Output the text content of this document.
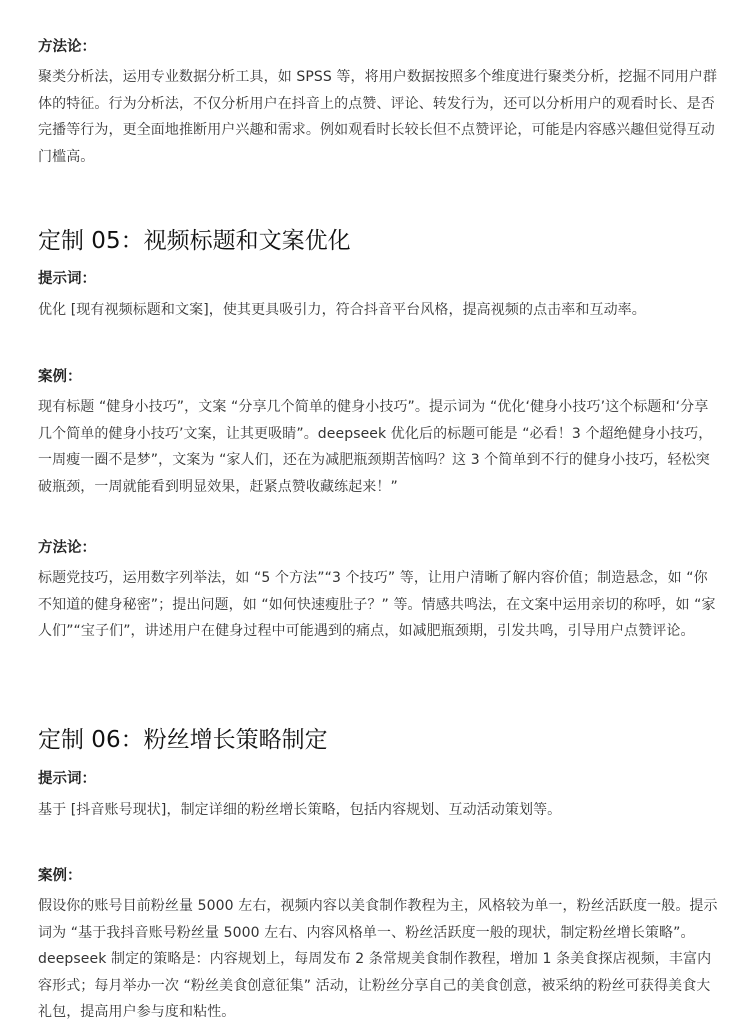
方法论：

聚类分析法，运用专业数据分析工具，如 SPSS 等，将用户数据按照多个维度进行聚类分析，挖掘不同用户群体的特征。行为分析法，不仅分析用户在抖音上的点赞、评论、转发行为，还可以分析用户的观看时长、是否完播等行为，更全面地推断用户兴趣和需求。例如观看时长较长但不点赞评论，可能是内容感兴趣但觉得互动门槛高。

定制 05：视频标题和文案优化

提示词：

优化 [现有视频标题和文案]，使其更具吸引力，符合抖音平台风格，提高视频的点击率和互动率。

案例：

现有标题 “健身小技巧”，文案 “分享几个简单的健身小技巧”。提示词为 “优化‘健身小技巧’这个标题和‘分享几个简单的健身小技巧’文案，让其更吸睛”。deepseek 优化后的标题可能是 “必看！3 个超绝健身小技巧，一周瘦一圈不是梦”，文案为 “家人们，还在为减肥瓶颈期苦恼吗？这 3 个简单到不行的健身小技巧，轻松突破瓶颈，一周就能看到明显效果，赶紧点赞收藏练起来！”

方法论：

标题党技巧，运用数字列举法，如 “5 个方法”“3 个技巧” 等，让用户清晰了解内容价值；制造悬念，如 “你不知道的健身秘密”；提出问题，如 “如何快速瘦肚子？” 等。情感共鸣法，在文案中运用亲切的称呼，如 “家人们”“宝子们”，讲述用户在健身过程中可能遇到的痛点，如减肥瓶颈期，引发共鸣，引导用户点赞评论。

定制 06：粉丝增长策略制定

提示词：

基于 [抖音账号现状]，制定详细的粉丝增长策略，包括内容规划、互动活动策划等。

案例：

假设你的账号目前粉丝量 5000 左右，视频内容以美食制作教程为主，风格较为单一，粉丝活跃度一般。提示词为 “基于我抖音账号粉丝量 5000 左右、内容风格单一、粉丝活跃度一般的现状，制定粉丝增长策略”。deepseek 制定的策略是：内容规划上，每周发布 2 条常规美食制作教程，增加 1 条美食探店视频，丰富内容形式；每月举办一次 “粉丝美食创意征集” 活动，让粉丝分享自己的美食创意，被采纳的粉丝可获得美食大礼包，提高用户参与度和粘性。
